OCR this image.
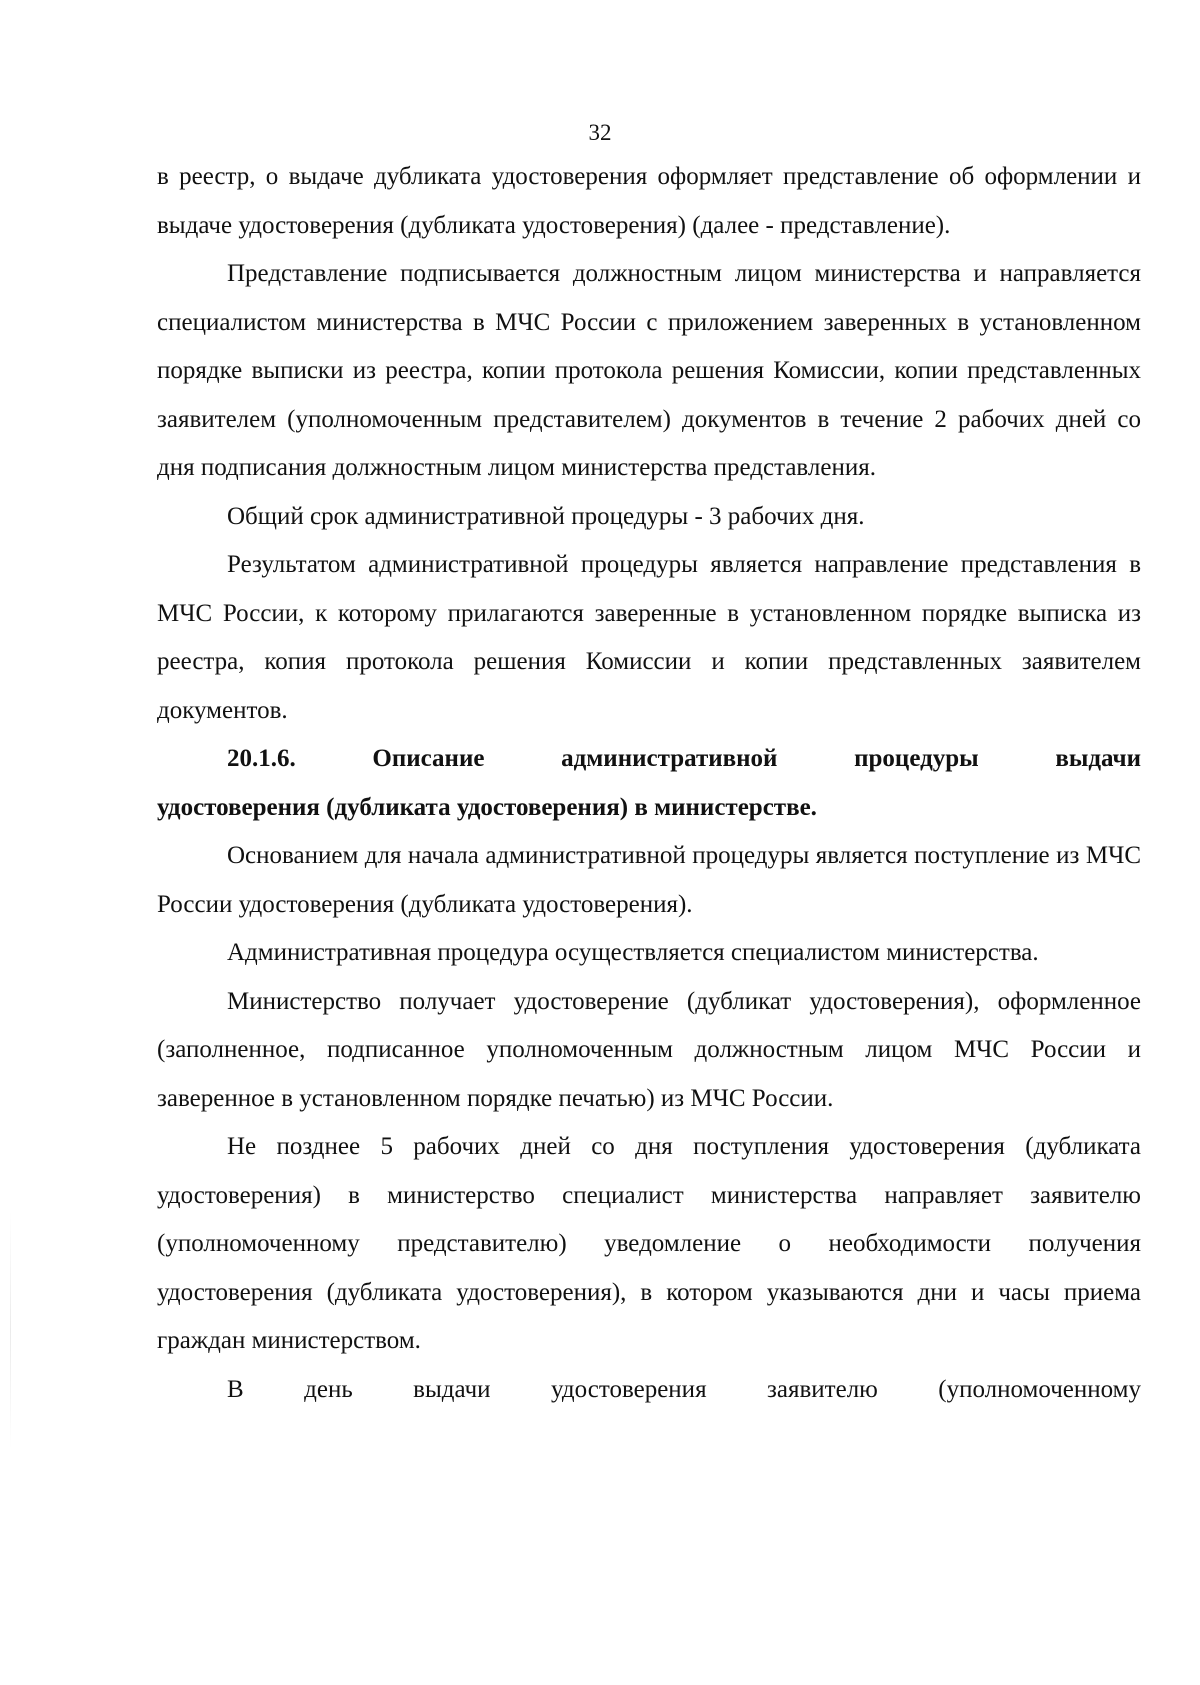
32

в реестр, о выдаче дубликата удостоверения оформляет представление об оформлении и выдаче удостоверения (дубликата удостоверения) (далее - представление).

Представление подписывается должностным лицом министерства и направляется специалистом министерства в МЧС России с приложением заверенных в установленном порядке выписки из реестра, копии протокола решения Комиссии, копии представленных заявителем (уполномоченным представителем) документов в течение 2 рабочих дней со дня подписания должностным лицом министерства представления.

Общий срок административной процедуры - 3 рабочих дня.

Результатом административной процедуры является направление представления в МЧС России, к которому прилагаются заверенные в установленном порядке выписка из реестра, копия протокола решения Комиссии и копии представленных заявителем документов.

20.1.6.	Описание	административной	процедуры	выдачи

удостоверения (дубликата удостоверения) в министерстве.

Основанием для начала административной процедуры является поступление из МЧС России удостоверения (дубликата удостоверения).

Административная процедура осуществляется специалистом министерства.

Министерство получает удостоверение (дубликат удостоверения), оформленное (заполненное, подписанное уполномоченным должностным лицом МЧС России и заверенное в установленном порядке печатью) из МЧС России.

Не позднее 5 рабочих дней со дня поступления удостоверения (дубликата удостоверения) в министерство специалист министерства направляет заявителю (уполномоченному представителю) уведомление о необходимости получения удостоверения (дубликата удостоверения), в котором указываются дни и часы приема граждан министерством.

В день выдачи удостоверения заявителю (уполномоченному
